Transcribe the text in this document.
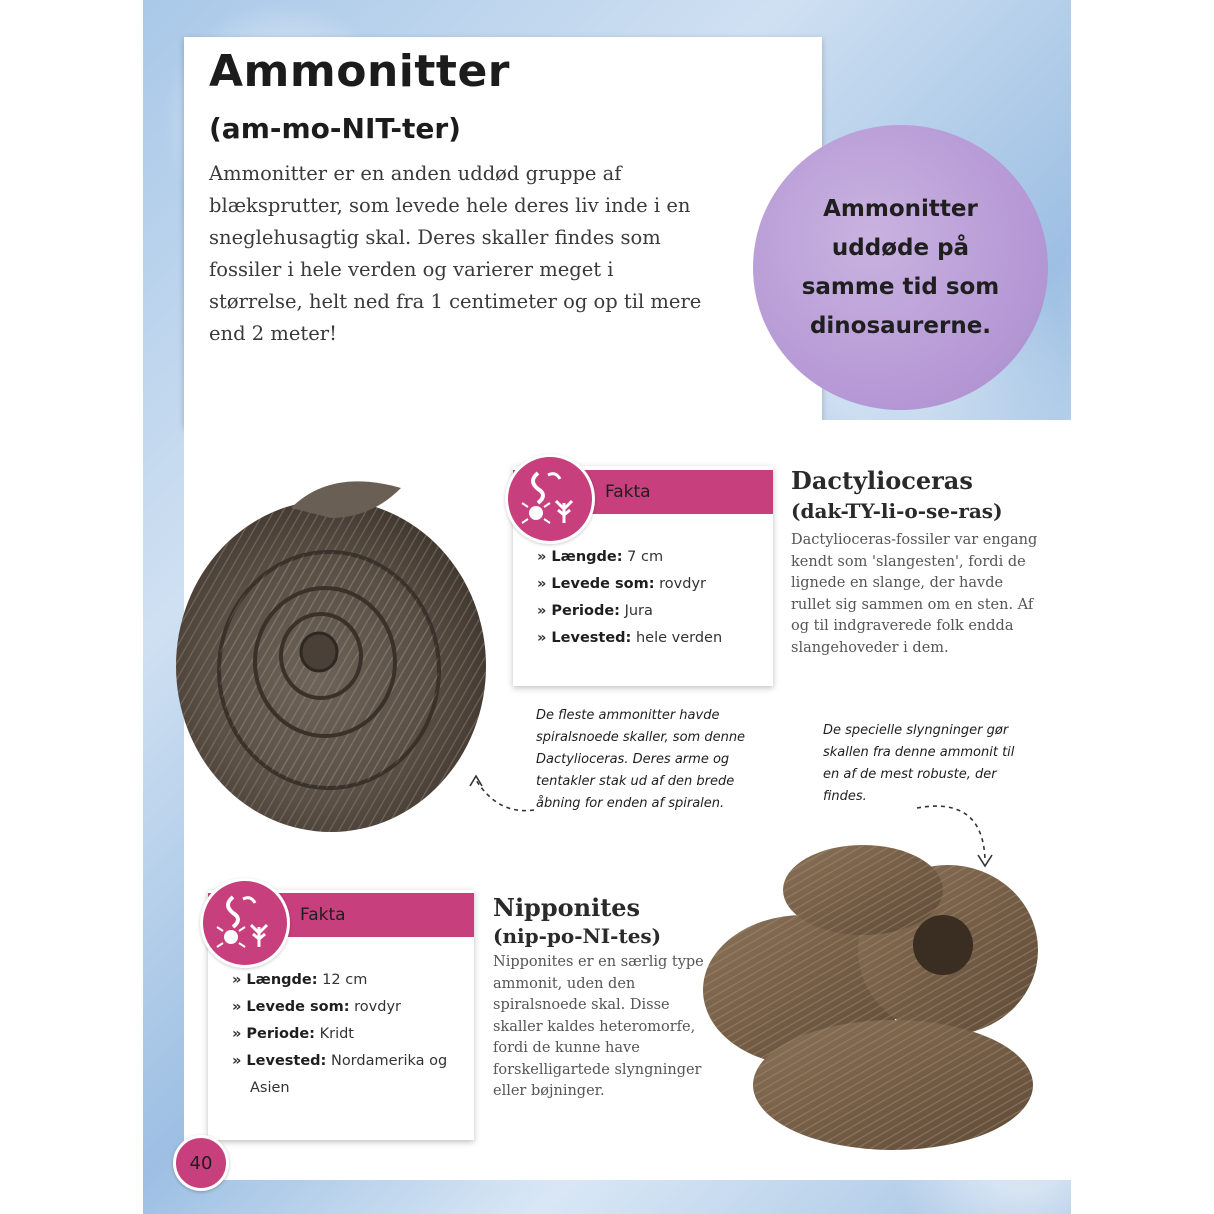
Ammonitter
(am-mo-NIT-ter)

Ammonitter er en anden uddød gruppe af blæksprutter, som levede hele deres liv inde i en sneglehusagtig skal. Deres skaller findes som fossiler i hele verden og varierer meget i størrelse, helt ned fra 1 centimeter og op til mere end 2 meter!

Ammonitter uddøde på samme tid som dinosaurerne.
Fakta
» Længde: 7 cm
» Levede som: rovdyr
» Periode: Jura
» Levested: hele verden
Dactylioceras
(dak-TY-li-o-se-ras)

Dactylioceras-fossiler var engang kendt som 'slangesten', fordi de lignede en slange, der havde rullet sig sammen om en sten. Af og til indgraverede folk endda slangehoveder i dem.

De fleste ammonitter havde spiralsnoede skaller, som denne Dactylioceras. Deres arme og tentakler stak ud af den brede åbning for enden af spiralen.

De specielle slyngninger gør skallen fra denne ammonit til en af de mest robuste, der findes.

Fakta
» Længde: 12 cm
» Levede som: rovdyr
» Periode: Kridt
» Levested: Nordamerika og Asien
Nipponites
(nip-po-NI-tes)

Nipponites er en særlig type ammonit, uden den spiralsnoede skal. Disse skaller kaldes heteromorfe, fordi de kunne have forskelligartede slyngninger eller bøjninger.

40
